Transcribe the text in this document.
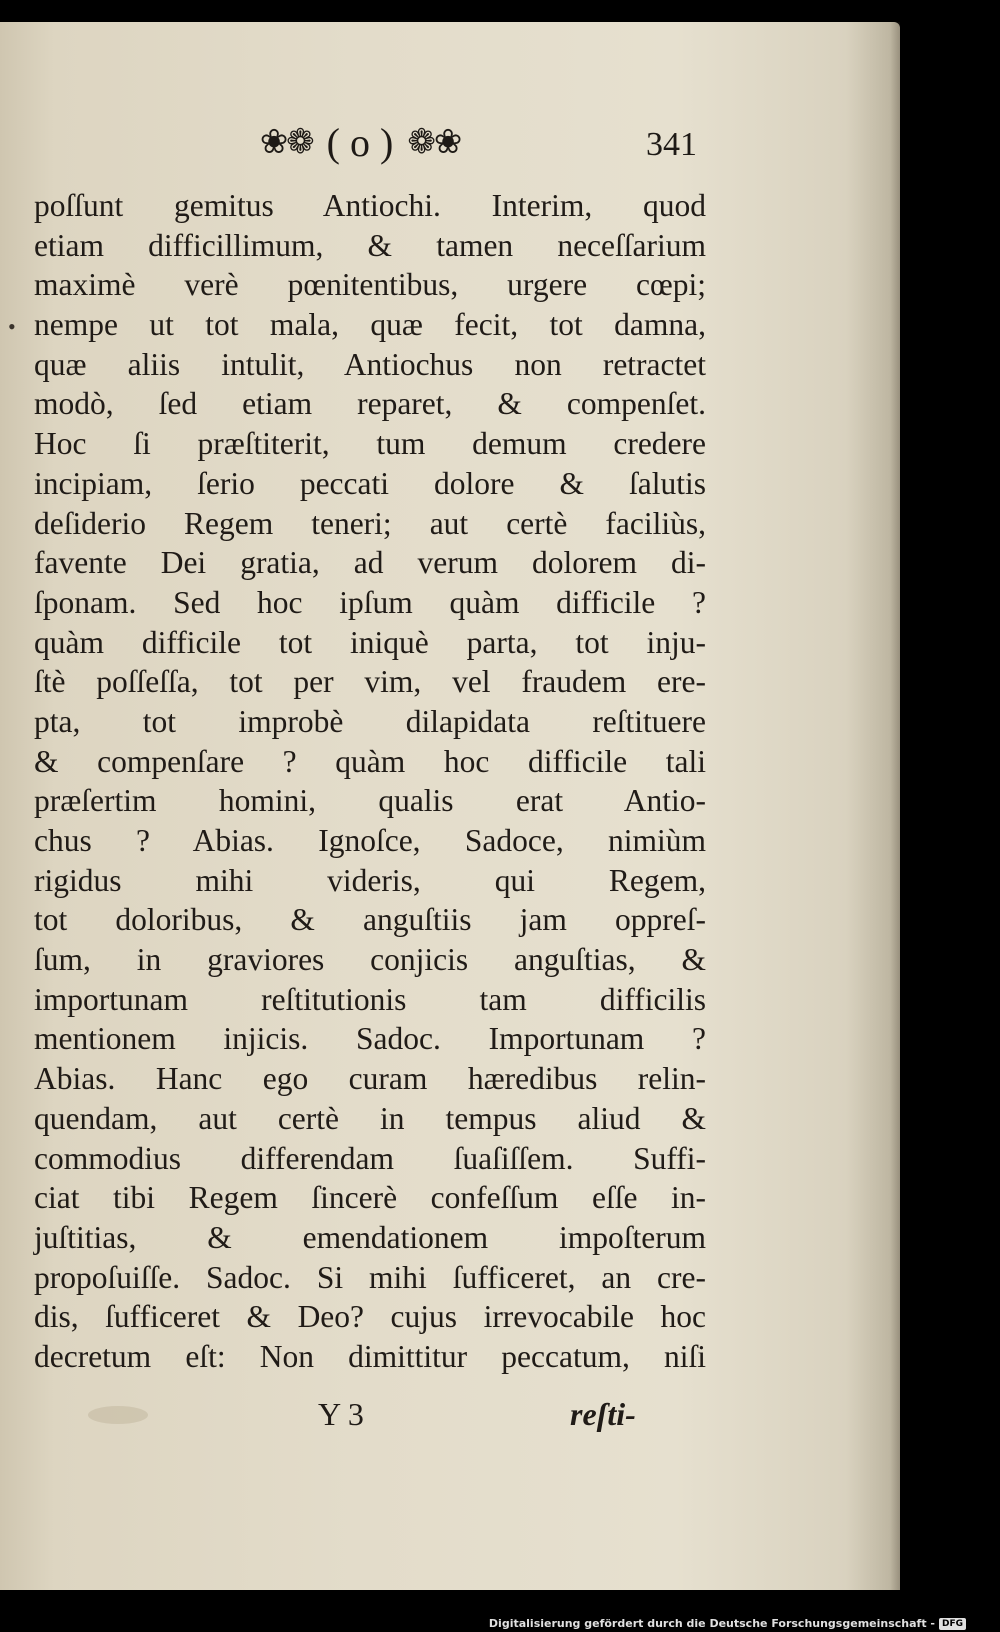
❀❁ ( o ) ❁❀	341
•
poſſunt gemitus Antiochi. Interim, quod
etiam difficillimum, & tamen neceſſarium
maximè verè pœnitentibus, urgere cœpi;
nempe ut tot mala, quæ fecit, tot damna,
quæ aliis intulit, Antiochus non retractet
modò, ſed etiam reparet, & compenſet.
Hoc ſi præſtiterit, tum demum credere
incipiam, ſerio peccati dolore & ſalutis
deſiderio Regem teneri; aut certè faciliùs,
favente Dei gratia, ad verum dolorem di-
ſponam. Sed hoc ipſum quàm difficile ?
quàm difficile tot iniquè parta, tot inju-
ſtè poſſeſſa, tot per vim, vel fraudem ere-
pta, tot improbè dilapidata reſtituere
& compenſare ? quàm hoc difficile tali
præſertim homini, qualis erat Antio-
chus ? Abias. Ignoſce, Sadoce, nimiùm
rigidus mihi videris, qui Regem,
tot doloribus, & anguſtiis jam oppreſ-
ſum, in graviores conjicis anguſtias, &
importunam reſtitutionis tam difficilis
mentionem injicis. Sadoc. Importunam ?
Abias. Hanc ego curam hæredibus relin-
quendam, aut certè in tempus aliud &
commodius differendam ſuaſiſſem. Suffi-
ciat tibi Regem ſincerè confeſſum eſſe in-
juſtitias, & emendationem impoſterum
propoſuiſſe. Sadoc. Si mihi ſufficeret, an cre-
dis, ſufficeret & Deo? cujus irrevocabile hoc
decretum eſt: Non dimittitur peccatum, niſi
Y 3	reſti-
Digitalisierung gefördert durch die Deutsche Forschungsgemeinschaft - DFG
